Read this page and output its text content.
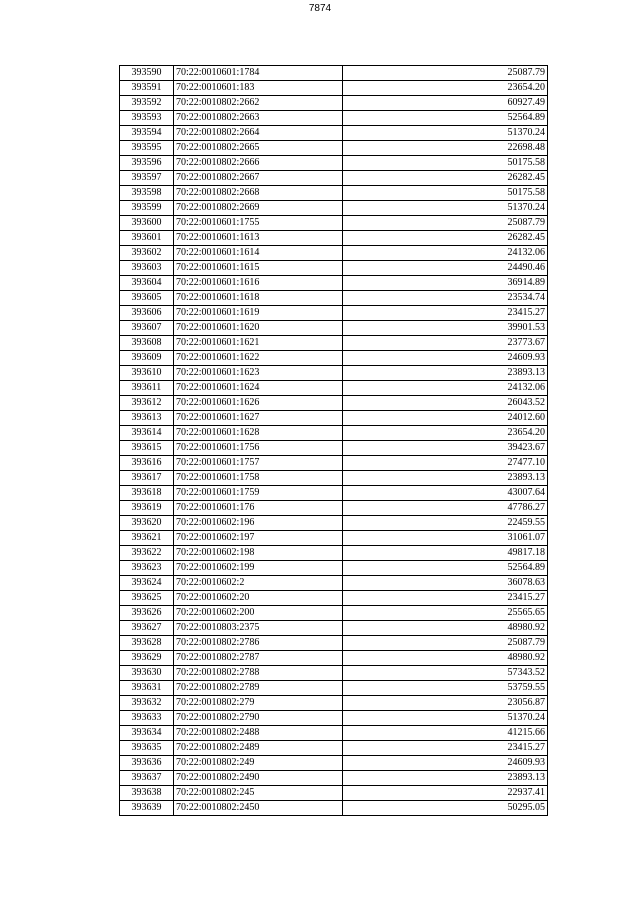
7874
393590	70:22:0010601:1784	25087.79
393591	70:22:0010601:183	23654.20
393592	70:22:0010802:2662	60927.49
393593	70:22:0010802:2663	52564.89
393594	70:22:0010802:2664	51370.24
393595	70:22:0010802:2665	22698.48
393596	70:22:0010802:2666	50175.58
393597	70:22:0010802:2667	26282.45
393598	70:22:0010802:2668	50175.58
393599	70:22:0010802:2669	51370.24
393600	70:22:0010601:1755	25087.79
393601	70:22:0010601:1613	26282.45
393602	70:22:0010601:1614	24132.06
393603	70:22:0010601:1615	24490.46
393604	70:22:0010601:1616	36914.89
393605	70:22:0010601:1618	23534.74
393606	70:22:0010601:1619	23415.27
393607	70:22:0010601:1620	39901.53
393608	70:22:0010601:1621	23773.67
393609	70:22:0010601:1622	24609.93
393610	70:22:0010601:1623	23893.13
393611	70:22:0010601:1624	24132.06
393612	70:22:0010601:1626	26043.52
393613	70:22:0010601:1627	24012.60
393614	70:22:0010601:1628	23654.20
393615	70:22:0010601:1756	39423.67
393616	70:22:0010601:1757	27477.10
393617	70:22:0010601:1758	23893.13
393618	70:22:0010601:1759	43007.64
393619	70:22:0010601:176	47786.27
393620	70:22:0010602:196	22459.55
393621	70:22:0010602:197	31061.07
393622	70:22:0010602:198	49817.18
393623	70:22:0010602:199	52564.89
393624	70:22:0010602:2	36078.63
393625	70:22:0010602:20	23415.27
393626	70:22:0010602:200	25565.65
393627	70:22:0010803:2375	48980.92
393628	70:22:0010802:2786	25087.79
393629	70:22:0010802:2787	48980.92
393630	70:22:0010802:2788	57343.52
393631	70:22:0010802:2789	53759.55
393632	70:22:0010802:279	23056.87
393633	70:22:0010802:2790	51370.24
393634	70:22:0010802:2488	41215.66
393635	70:22:0010802:2489	23415.27
393636	70:22:0010802:249	24609.93
393637	70:22:0010802:2490	23893.13
393638	70:22:0010802:245	22937.41
393639	70:22:0010802:2450	50295.05
